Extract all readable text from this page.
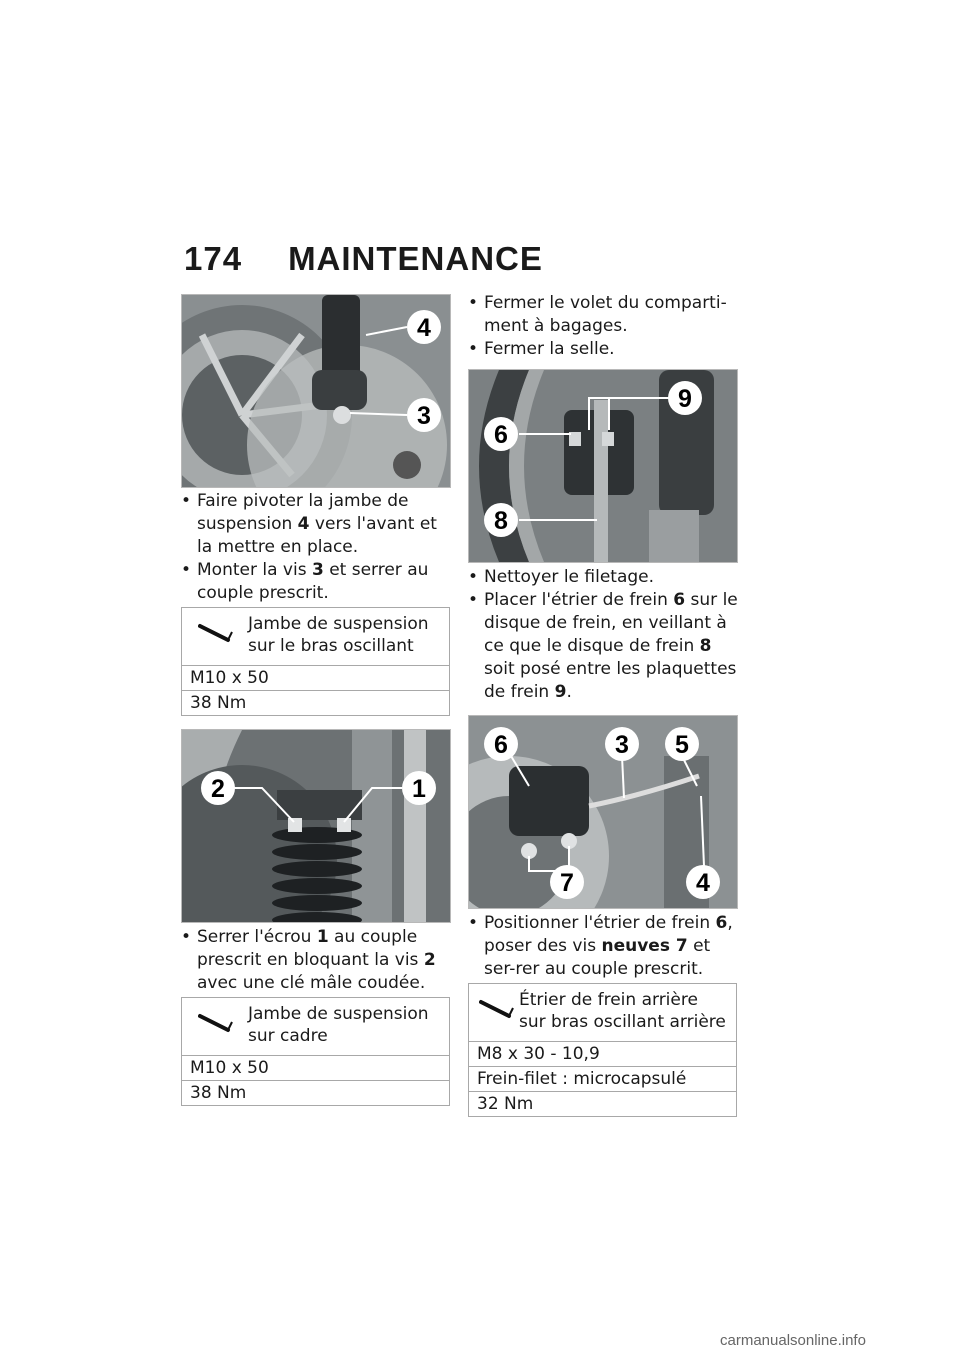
174 MAINTENANCE
4
3
• Faire pivoter la jambe de suspension 4 vers l'avant et la mettre en place.
• Monter la vis 3 et serrer au couple prescrit.
Jambe de suspension sur le bras oscillant
M10 x 50
38 Nm
2	1
• Serrer l'écrou 1 au couple prescrit en bloquant la vis 2 avec une clé mâle coudée.
Jambe de suspension sur cadre
M10 x 50
38 Nm
• Fermer le volet du comparti-ment à bagages.
• Fermer la selle.
9
6
8
• Nettoyer le filetage.
• Placer l'étrier de frein 6 sur le disque de frein, en veillant à ce que le disque de frein 8 soit posé entre les plaquettes de frein 9.
6	3 5
7	4
• Positionner l'étrier de frein 6, poser des vis neuves 7 et ser-rer au couple prescrit.
Étrier de frein arrière sur bras oscillant arrière
M8 x 30 - 10,9
Frein-filet : microcapsulé
32 Nm
carmanualsonline.info
